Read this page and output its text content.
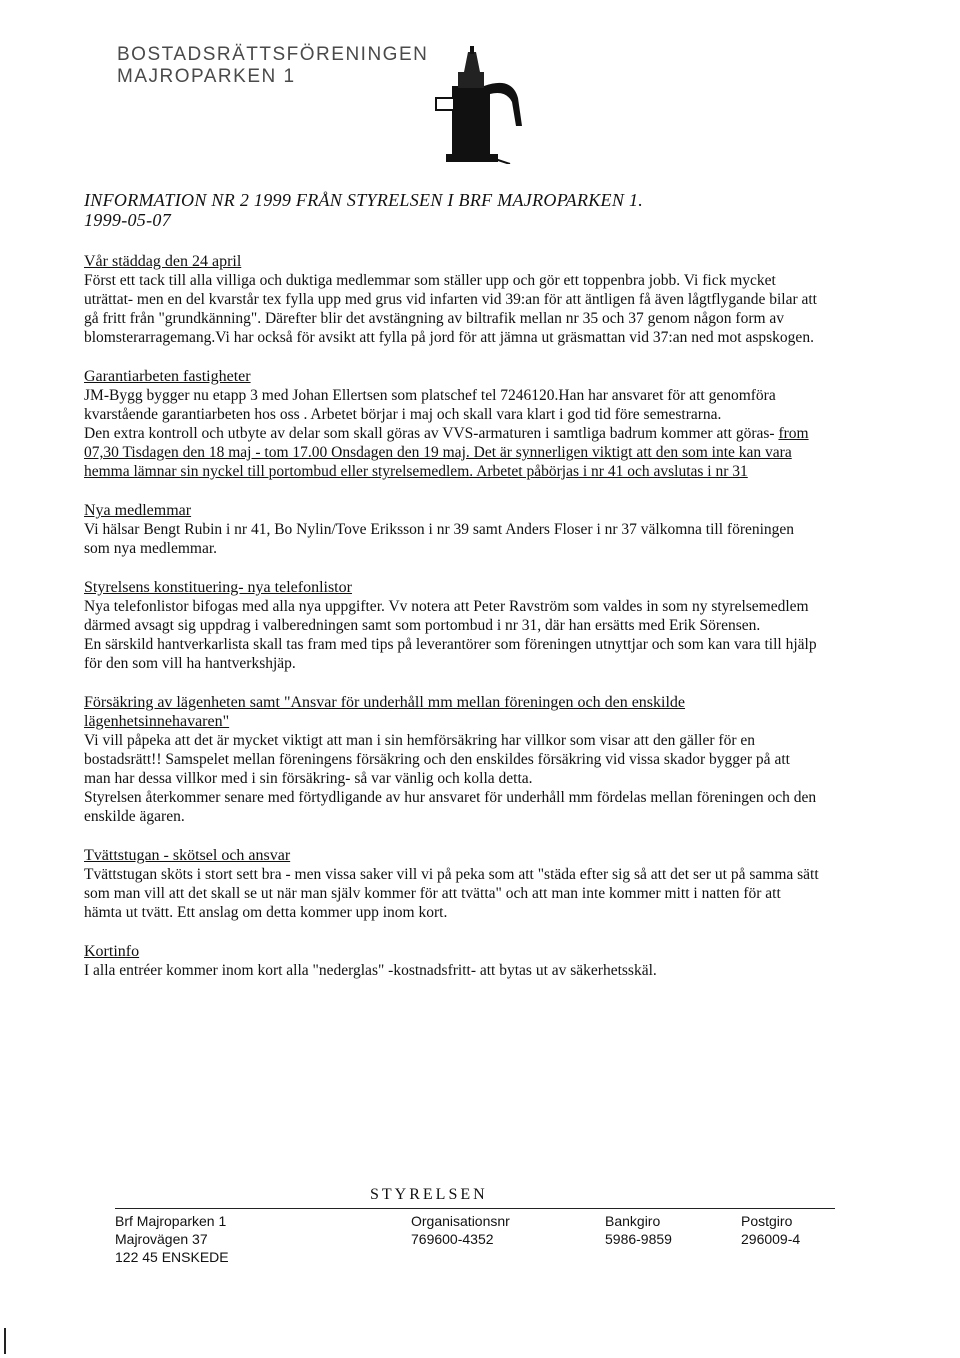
BOSTADSRÄTTSFÖRENINGEN
MAJROPARKEN 1
INFORMATION NR 2 1999 FRÅN STYRELSEN I BRF MAJROPARKEN 1.
1999-05-07
Vår städdag den 24 april

Först ett tack till alla villiga och duktiga medlemmar som ställer upp och gör ett toppenbra jobb. Vi fick mycket uträttat- men en del kvarstår tex fylla upp med grus vid infarten vid 39:an för att äntligen få även lågtflygande bilar att gå fritt från "grundkänning". Därefter blir det avstängning av biltrafik mellan nr 35 och 37 genom någon form av blomsterarragemang.Vi har också för avsikt att fylla på jord för att jämna ut gräsmattan vid 37:an ned mot aspskogen.

Garantiarbeten fastigheter

JM-Bygg bygger nu etapp 3 med Johan Ellertsen som platschef tel 7246120.Han har ansvaret för att genomföra kvarstående garantiarbeten hos oss . Arbetet börjar i maj och skall vara klart i god tid före semestrarna.

Den extra kontroll och utbyte av delar som skall göras av VVS-armaturen i samtliga badrum kommer att göras- from 07,30 Tisdagen den 18 maj - tom 17.00 Onsdagen den 19 maj. Det är synnerligen viktigt att den som inte kan vara hemma lämnar sin nyckel till portombud eller styrelsemedlem. Arbetet påbörjas i nr 41 och avslutas i nr 31

Nya medlemmar

Vi hälsar Bengt Rubin i nr 41, Bo Nylin/Tove Eriksson i nr 39 samt Anders Floser i nr 37 välkomna till föreningen som nya medlemmar.

Styrelsens konstituering- nya telefonlistor

Nya telefonlistor bifogas med alla nya uppgifter. Vv notera att Peter Ravström som valdes in som ny styrelsemedlem därmed avsagt sig uppdrag i valberedningen samt som portombud i nr 31, där han ersätts med Erik Sörensen.

En särskild hantverkarlista skall tas fram med tips på leverantörer som föreningen utnyttjar och som kan vara till hjälp för den som vill ha hantverkshjäp.

Försäkring av lägenheten samt "Ansvar för underhåll mm mellan föreningen och den enskilde lägenhetsinnehavaren"

Vi vill påpeka att det är mycket viktigt att man i sin hemförsäkring har villkor som visar att den gäller för en bostadsrätt!! Samspelet mellan föreningens försäkring och den enskildes försäkring vid vissa skador bygger på att man har dessa villkor med i sin försäkring- så var vänlig och kolla detta.

Styrelsen återkommer senare med förtydligande av hur ansvaret för underhåll mm fördelas mellan föreningen och den enskilde ägaren.

Tvättstugan - skötsel och ansvar

Tvättstugan sköts i stort sett bra - men vissa saker vill vi på peka som att "städa efter sig så att det ser ut på samma sätt som man vill att det skall se ut när man själv kommer för att tvätta" och att man inte kommer mitt i natten för att hämta ut tvätt. Ett anslag om detta kommer upp inom kort.

Kortinfo

I alla entréer kommer inom kort alla "nederglas" -kostnadsfritt- att bytas ut av säkerhetsskäl.

STYRELSEN
Brf Majroparken 1
Majrovägen 37
122 45 ENSKEDE
Organisationsnr
769600-4352
Bankgiro
5986-9859
Postgiro
296009-4
